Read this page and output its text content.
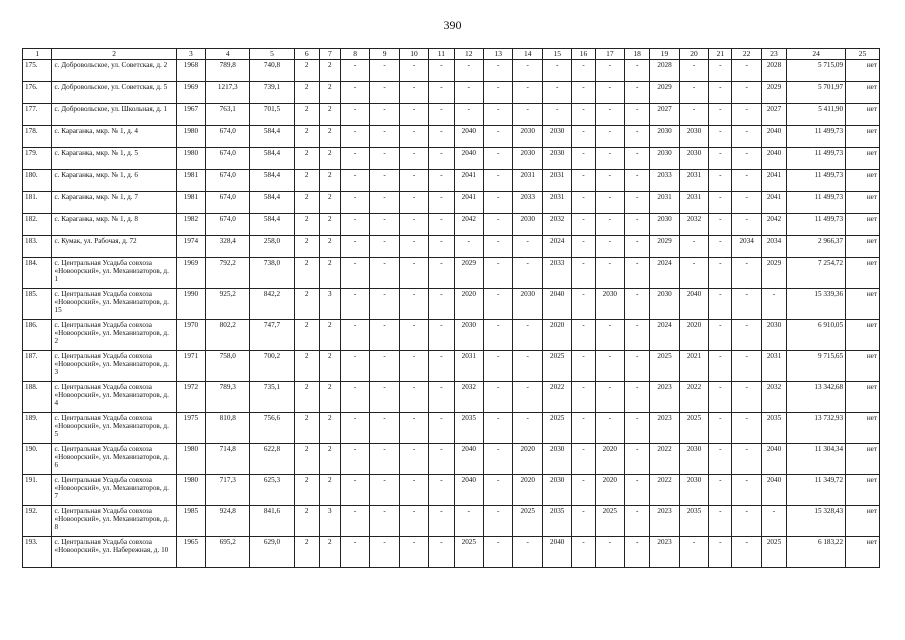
390
1	2	3	4	5	6	7	8	9	10	11	12	13	14	15	16	17	18	19	20	21	22	23	24	25
175.	с. Добровольское, ул. Советская, д. 2	1968	789,8	740,8	2	2	-	-	-	-	-	-	-	-	-	-	-	2028	-	-	-	2028	5 715,09	нет
176.	с. Добровольское, ул. Советская, д. 5	1969	1217,3	739,1	2	2	-	-	-	-	-	-	-	-	-	-	-	2029	-	-	-	2029	5 701,97	нет
177.	с. Добровольское, ул. Школьная, д. 1	1967	763,1	701,5	2	2	-	-	-	-	-	-	-	-	-	-	-	2027	-	-	-	2027	5 411,90	нет
178.	с. Караганка, мкр. № 1, д. 4	1980	674,0	584,4	2	2	-	-	-	-	2040	-	2030	2030	-	-	-	2030	2030	-	-	2040	11 499,73	нет
179.	с. Караганка, мкр. № 1, д. 5	1980	674,0	584,4	2	2	-	-	-	-	2040	-	2030	2030	-	-	-	2030	2030	-	-	2040	11 499,73	нет
180.	с. Караганка, мкр. № 1, д. 6	1981	674,0	584,4	2	2	-	-	-	-	2041	-	2031	2031	-	-	-	2033	2031	-	-	2041	11 499,73	нет
181.	с. Караганка, мкр. № 1, д. 7	1981	674,0	584,4	2	2	-	-	-	-	2041	-	2033	2031	-	-	-	2031	2031	-	-	2041	11 499,73	нет
182.	с. Караганка, мкр. № 1, д. 8	1982	674,0	584,4	2	2	-	-	-	-	2042	-	2030	2032	-	-	-	2030	2032	-	-	2042	11 499,73	нет
183.	с. Кумак, ул. Рабочая, д. 72	1974	328,4	258,0	2	2	-	-	-	-	-	-	-	2024	-	-	-	2029	-	-	2034	2034	2 966,37	нет
184.	с. Центральная Усадьба совхоза «Новоорский», ул. Механизаторов, д. 1	1969	792,2	738,0	2	2	-	-	-	-	2029	-	-	2033	-	-	-	2024	-	-	-	2029	7 254,72	нет
185.	с. Центральная Усадьба совхоза «Новоорский», ул. Механизаторов, д. 15	1990	925,2	842,2	2	3	-	-	-	-	2020	-	2030	2040	-	2030	-	2030	2040	-	-	-	15 339,36	нет
186.	с. Центральная Усадьба совхоза «Новоорский», ул. Механизаторов, д. 2	1970	802,2	747,7	2	2	-	-	-	-	2030	-	-	2020	-	-	-	2024	2020	-	-	2030	6 910,05	нет
187.	с. Центральная Усадьба совхоза «Новоорский», ул. Механизаторов, д. 3	1971	758,0	700,2	2	2	-	-	-	-	2031	-	-	2025	-	-	-	2025	2021	-	-	2031	9 715,65	нет
188.	с. Центральная Усадьба совхоза «Новоорский», ул. Механизаторов, д. 4	1972	789,3	735,1	2	2	-	-	-	-	2032	-	-	2022	-	-	-	2023	2022	-	-	2032	13 342,68	нет
189.	с. Центральная Усадьба совхоза «Новоорский», ул. Механизаторов, д. 5	1975	810,8	756,6	2	2	-	-	-	-	2035	-	-	2025	-	-	-	2023	2025	-	-	2035	13 732,93	нет
190.	с. Центральная Усадьба совхоза «Новоорский», ул. Механизаторов, д. 6	1980	714,8	622,8	2	2	-	-	-	-	2040	-	2020	2030	-	2020	-	2022	2030	-	-	2040	11 304,34	нет
191.	с. Центральная Усадьба совхоза «Новоорский», ул. Механизаторов, д. 7	1980	717,3	625,3	2	2	-	-	-	-	2040	-	2020	2030	-	2020	-	2022	2030	-	-	2040	11 349,72	нет
192.	с. Центральная Усадьба совхоза «Новоорский», ул. Механизаторов, д. 8	1985	924,8	841,6	2	3	-	-	-	-	-	-	2025	2035	-	2025	-	2023	2035	-	-	-	15 328,43	нет
193.	с. Центральная Усадьба совхоза «Новоорский», ул. Набережная, д. 10	1965	695,2	629,0	2	2	-	-	-	-	2025	-	-	2040	-	-	-	2023	-	-	-	2025	6 183,22	нет
